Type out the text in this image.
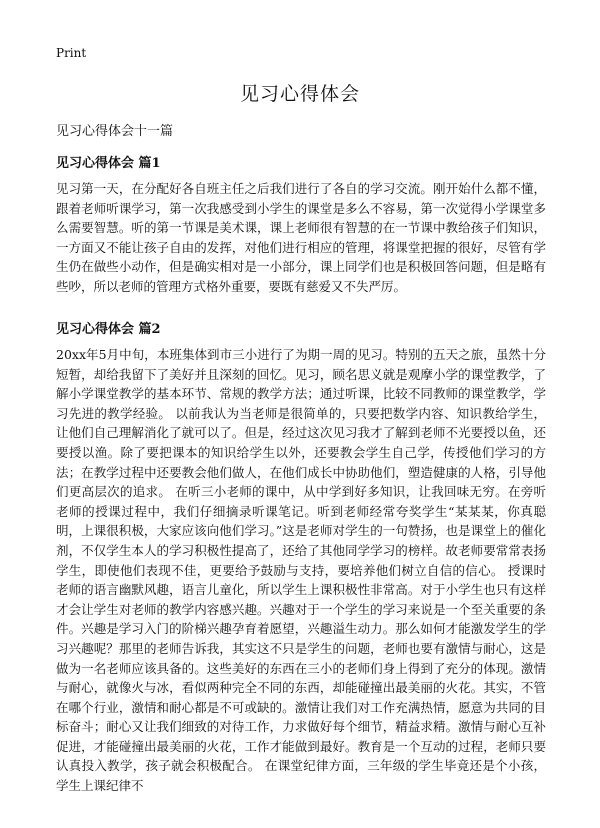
Print
见习心得体会
见习心得体会十一篇
见习心得体会 篇1

见习第一天，在分配好各自班主任之后我们进行了各自的学习交流。刚开始什么都不懂，跟着老师听课学习，第一次我感受到小学生的课堂是多么不容易，第一次觉得小学课堂多么需要智慧。听的第一节课是美术课，课上老师很有智慧的在一节课中教给孩子们知识，一方面又不能让孩子自由的发挥，对他们进行相应的管理，将课堂把握的很好，尽管有学生仍在做些小动作，但是确实相对是一小部分，课上同学们也是积极回答问题，但是略有些吵，所以老师的管理方式格外重要，要既有慈爱又不失严厉。

见习心得体会 篇2

20xx年5月中旬，本班集体到市三小进行了为期一周的见习。特别的五天之旅，虽然十分短暂，却给我留下了美好并且深刻的回忆。见习，顾名思义就是观摩小学的课堂教学，了解小学课堂教学的基本环节、常规的教学方法；通过听课，比较不同教师的课堂教学，学习先进的教学经验。 以前我认为当老师是很简单的，只要把数学内容、知识教给学生，让他们自己理解消化了就可以了。但是，经过这次见习我才了解到老师不光要授以鱼，还要授以渔。除了要把课本的知识给学生以外，还要教会学生自己学，传授他们学习的方法；在教学过程中还要教会他们做人，在他们成长中协助他们，塑造健康的人格，引导他们更高层次的追求。 在听三小老师的课中，从中学到好多知识，让我回味无穷。在旁听老师的授课过程中，我们仔细摘录听课笔记。听到老师经常夸奖学生“某某某，你真聪明，上课很积极，大家应该向他们学习。”这是老师对学生的一句赞扬，也是课堂上的催化剂，不仅学生本人的学习积极性提高了，还给了其他同学学习的榜样。故老师要常常表扬学生，即使他们表现不佳，更要给予鼓励与支持，要培养他们树立自信的信心。 授课时老师的语言幽默风趣，语言儿童化，所以学生上课积极性非常高。对于小学生也只有这样才会让学生对老师的教学内容感兴趣。兴趣对于一个学生的学习来说是一个至关重要的条件。兴趣是学习入门的阶梯兴趣孕育着愿望，兴趣溢生动力。那么如何才能激发学生的学习兴趣呢？那里的老师告诉我，其实这不只是学生的问题，老师也要有激情与耐心，这是做为一名老师应该具备的。这些美好的东西在三小的老师们身上得到了充分的体现。激情与耐心，就像火与冰，看似两种完全不同的东西，却能碰撞出最美丽的火花。其实，不管在哪个行业，激情和耐心都是不可或缺的。激情让我们对工作充满热情，愿意为共同的目标奋斗；耐心又让我们细致的对待工作，力求做好每个细节，精益求精。激情与耐心互补促进，才能碰撞出最美丽的火花，工作才能做到最好。教育是一个互动的过程，老师只要认真投入教学，孩子就会积极配合。 在课堂纪律方面，三年级的学生毕竟还是个小孩，学生上课纪律不
